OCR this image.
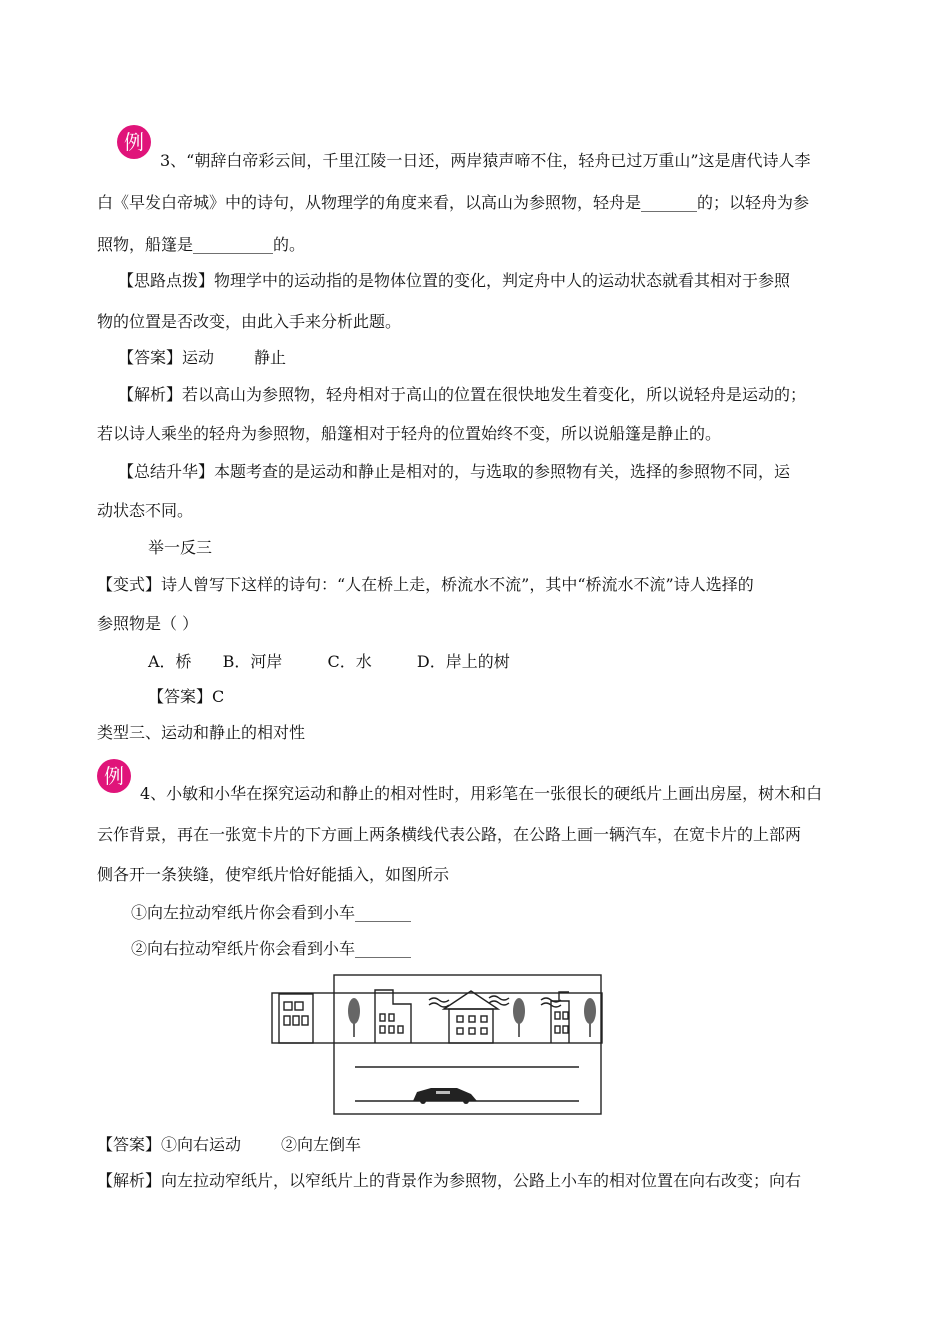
例
3、“朝辞白帝彩云间，千里江陵一日还，两岸猿声啼不住，轻舟已过万重山”这是唐代诗人李
白《早发白帝城》中的诗句，从物理学的角度来看，以高山为参照物，轻舟是_______的；以轻舟为参
照物，船篷是__________的。
【思路点拨】物理学中的运动指的是物体位置的变化，判定舟中人的运动状态就看其相对于参照
物的位置是否改变，由此入手来分析此题。
【答案】运动	静止
【解析】若以高山为参照物，轻舟相对于高山的位置在很快地发生着变化，所以说轻舟是运动的；
若以诗人乘坐的轻舟为参照物，船篷相对于轻舟的位置始终不变，所以说船篷是静止的。
【总结升华】本题考查的是运动和静止是相对的，与选取的参照物有关，选择的参照物不同，运
动状态不同。
举一反三
【变式】诗人曾写下这样的诗句：“人在桥上走，桥流水不流”，其中“桥流水不流”诗人选择的
参照物是（ ）
A．桥 B．河岸	C．水	D．岸上的树
【答案】C
类型三、运动和静止的相对性
例
4、小敏和小华在探究运动和静止的相对性时，用彩笔在一张很长的硬纸片上画出房屋，树木和白
云作背景，再在一张宽卡片的下方画上两条横线代表公路，在公路上画一辆汽车，在宽卡片的上部两
侧各开一条狭缝，使窄纸片恰好能插入，如图所示
①向左拉动窄纸片你会看到小车_______
②向右拉动窄纸片你会看到小车_______
【答案】①向右运动	②向左倒车
【解析】向左拉动窄纸片，以窄纸片上的背景作为参照物，公路上小车的相对位置在向右改变；向右
